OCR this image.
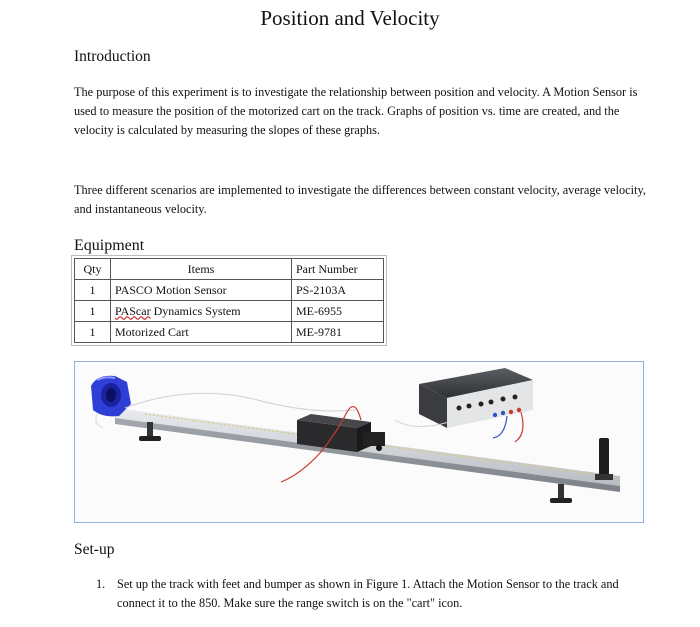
Position and Velocity
Introduction

The purpose of this experiment is to investigate the relationship between position and velocity. A Motion Sensor is used to measure the position of the motorized cart on the track. Graphs of position vs. time are created, and the velocity is calculated by measuring the slopes of these graphs.

Three different scenarios are implemented to investigate the differences between constant velocity, average velocity, and instantaneous velocity.

Equipment
Qty	Items	Part Number
1	PASCO Motion Sensor	PS-2103A
1	PAScar Dynamics System	ME-6955
1	Motorized Cart	ME-9781
Set-up
1. Set up the track with feet and bumper as shown in Figure 1. Attach the Motion Sensor to the track and connect it to the 850. Make sure the range switch is on the "cart" icon.
